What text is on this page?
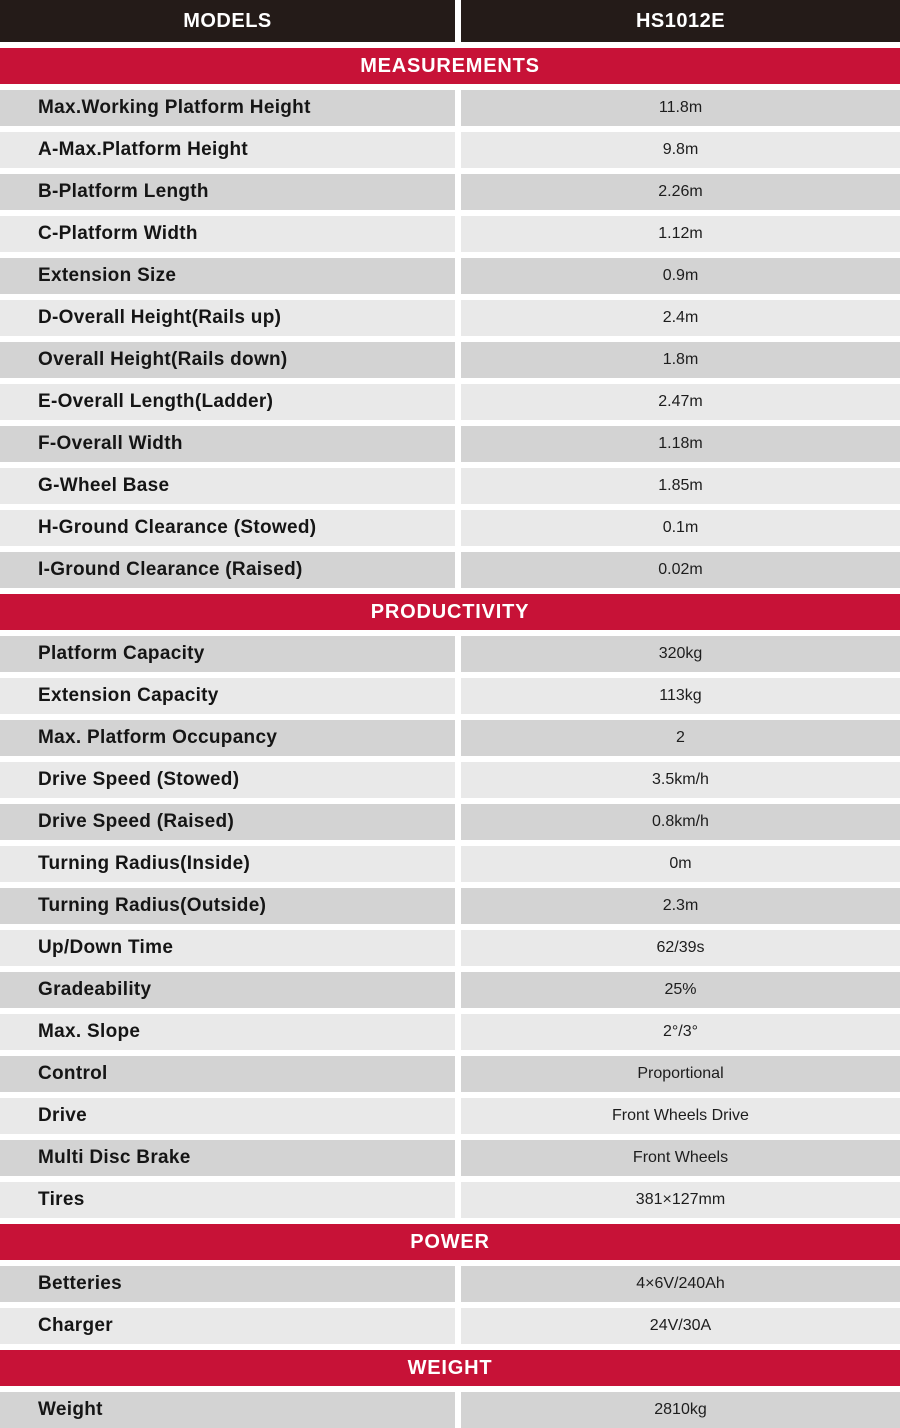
MODELS	HS1012E
MEASUREMENTS
Max.Working Platform Height	11.8m
A-Max.Platform Height	9.8m
B-Platform Length	2.26m
C-Platform Width	1.12m
Extension Size	0.9m
D-Overall Height(Rails up)	2.4m
Overall Height(Rails down)	1.8m
E-Overall Length(Ladder)	2.47m
F-Overall Width	1.18m
G-Wheel Base	1.85m
H-Ground Clearance (Stowed)	0.1m
I-Ground Clearance (Raised)	0.02m
PRODUCTIVITY
Platform Capacity	320kg
Extension Capacity	113kg
Max. Platform Occupancy	2
Drive Speed (Stowed)	3.5km/h
Drive Speed (Raised)	0.8km/h
Turning Radius(Inside)	0m
Turning Radius(Outside)	2.3m
Up/Down Time	62/39s
Gradeability	25%
Max. Slope	2°/3°
Control	Proportional
Drive	Front Wheels Drive
Multi Disc Brake	Front Wheels
Tires	381×127mm
POWER
Betteries	4×6V/240Ah
Charger	24V/30A
WEIGHT
Weight	2810kg
